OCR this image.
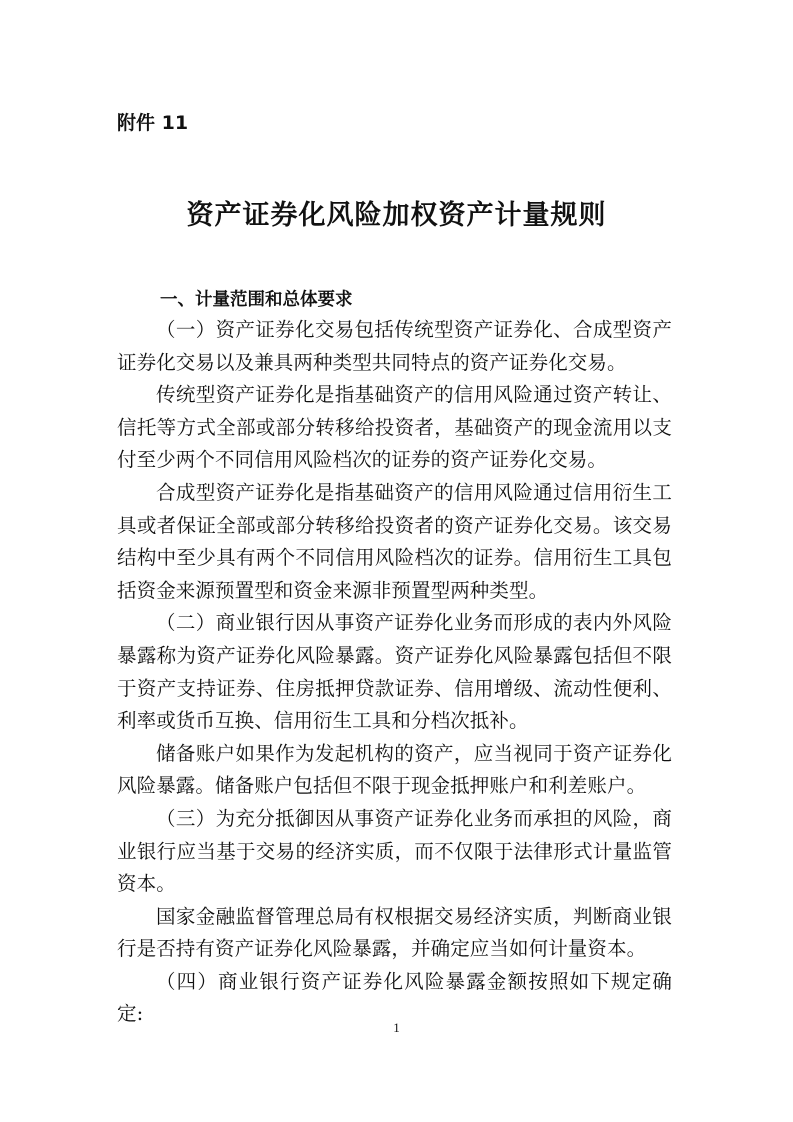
附件 11

资产证券化风险加权资产计量规则
一、计量范围和总体要求

（一）资产证券化交易包括传统型资产证券化、合成型资产证券化交易以及兼具两种类型共同特点的资产证券化交易。

传统型资产证券化是指基础资产的信用风险通过资产转让、信托等方式全部或部分转移给投资者，基础资产的现金流用以支付至少两个不同信用风险档次的证券的资产证券化交易。

合成型资产证券化是指基础资产的信用风险通过信用衍生工具或者保证全部或部分转移给投资者的资产证券化交易。该交易结构中至少具有两个不同信用风险档次的证券。信用衍生工具包括资金来源预置型和资金来源非预置型两种类型。

（二）商业银行因从事资产证券化业务而形成的表内外风险暴露称为资产证券化风险暴露。资产证券化风险暴露包括但不限于资产支持证券、住房抵押贷款证券、信用增级、流动性便利、利率或货币互换、信用衍生工具和分档次抵补。

储备账户如果作为发起机构的资产，应当视同于资产证券化风险暴露。储备账户包括但不限于现金抵押账户和利差账户。

（三）为充分抵御因从事资产证券化业务而承担的风险，商业银行应当基于交易的经济实质，而不仅限于法律形式计量监管资本。

国家金融监督管理总局有权根据交易经济实质，判断商业银行是否持有资产证券化风险暴露，并确定应当如何计量资本。

（四）商业银行资产证券化风险暴露金额按照如下规定确定:

1
